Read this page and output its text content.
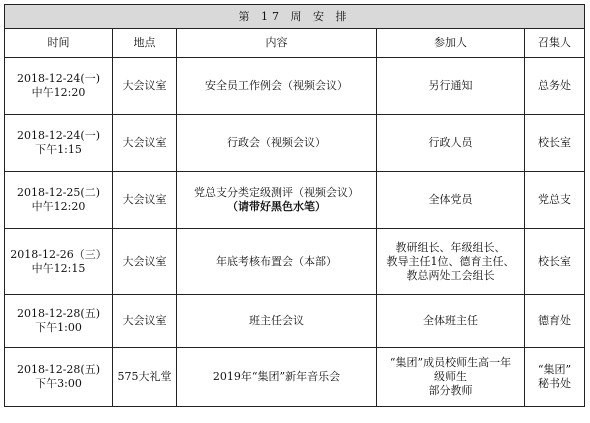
第 17 周 安 排				
时间	地点	内容	参加人	召集人

2018-12-24(一)
中午12:20	大会议室	安全员工作例会（视频会议）	另行通知	总务处

2018-12-24(一)
下午1:15	大会议室	行政会（视频会议）	行政人员	校长室

2018-12-25(二)
中午12:20	大会议室	党总支分类定级测评（视频会议）
（请带好黑色水笔）	全体党员	党总支

2018-12-26（三）
中午12:15	大会议室	年底考核布置会（本部）	教研组长、年级组长、
教导主任1位、德育主任、
教总两处工会组长	校长室

2018-12-28(五)
下午1:00	大会议室	班主任会议	全体班主任	德育处

2018-12-28(五)
下午3:00	575大礼堂	2019年“集团”新年音乐会	“集团”成员校师生高一年
级师生
部分教师	“集团”
秘书处
